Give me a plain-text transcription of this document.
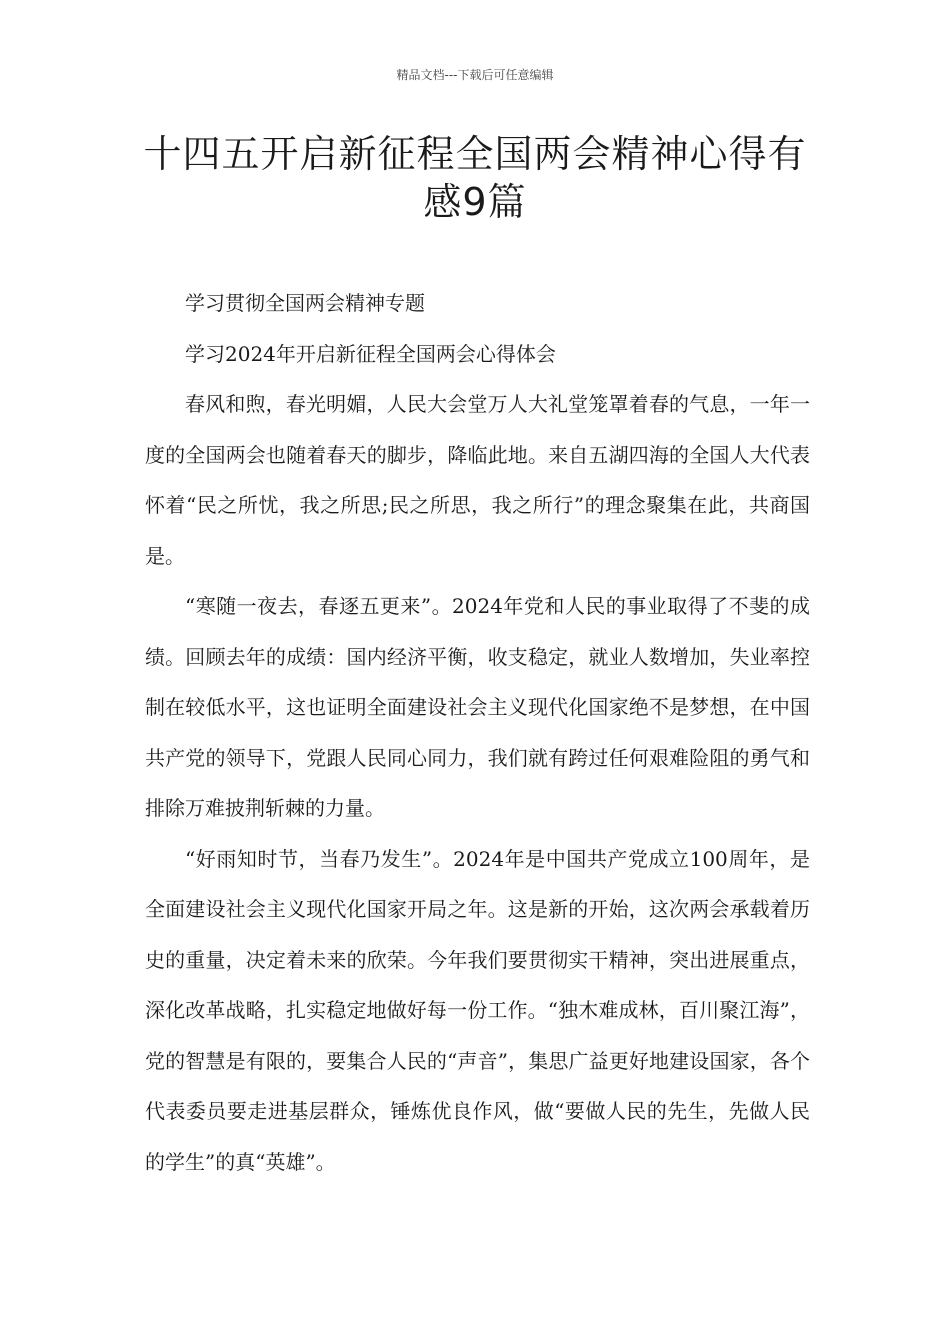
精品文档---下载后可任意编辑
十四五开启新征程全国两会精神心得有感9篇

学习贯彻全国两会精神专题

学习2024年开启新征程全国两会心得体会

春风和煦，春光明媚，人民大会堂万人大礼堂笼罩着春的气息，一年一度的全国两会也随着春天的脚步，降临此地。来自五湖四海的全国人大代表怀着“民之所忧，我之所思;民之所思，我之所行”的理念聚集在此，共商国是。

“寒随一夜去，春逐五更来”。2024年党和人民的事业取得了不斐的成绩。回顾去年的成绩：国内经济平衡，收支稳定，就业人数增加，失业率控制在较低水平，这也证明全面建设社会主义现代化国家绝不是梦想，在中国共产党的领导下，党跟人民同心同力，我们就有跨过任何艰难险阻的勇气和排除万难披荆斩棘的力量。

“好雨知时节，当春乃发生”。2024年是中国共产党成立100周年，是全面建设社会主义现代化国家开局之年。这是新的开始，这次两会承载着历史的重量，决定着未来的欣荣。今年我们要贯彻实干精神，突出进展重点，深化改革战略，扎实稳定地做好每一份工作。“独木难成林，百川聚江海”，党的智慧是有限的，要集合人民的“声音”，集思广益更好地建设国家，各个代表委员要走进基层群众，锤炼优良作风，做“要做人民的先生，先做人民的学生”的真“英雄”。
